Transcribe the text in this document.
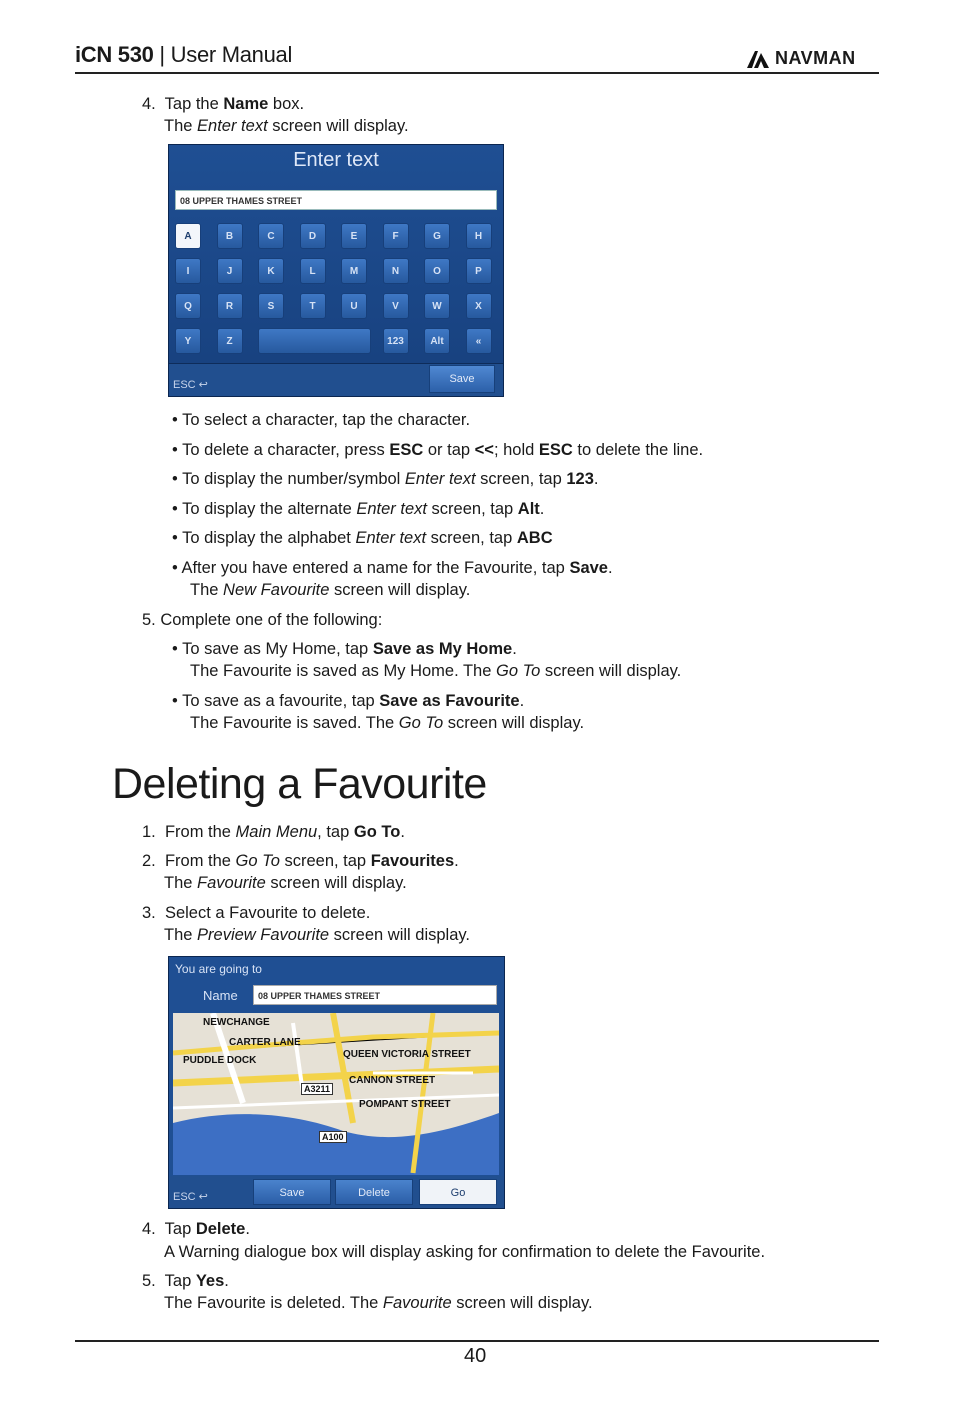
iCN 530 | User Manual	NAVMAN
4. Tap the Name box.
The Enter text screen will display.
Enter text
08 UPPER THAMES STREET
A	B	C	D	E	F	G	H
I	J	K	L	M	N	O	P
Q	R	S	T	U	V	W	X
Y	Z	123	Alt	«
ESC ↩	Save
• To select a character, tap the character.
• To delete a character, press ESC or tap <<; hold ESC to delete the line.
• To display the number/symbol Enter text screen, tap 123.
• To display the alternate Enter text screen, tap Alt.
• To display the alphabet Enter text screen, tap ABC
• After you have entered a name for the Favourite, tap Save.
The New Favourite screen will display.
5. Complete one of the following:
• To save as My Home, tap Save as My Home.
The Favourite is saved as My Home. The Go To screen will display.
• To save as a favourite, tap Save as Favourite.
The Favourite is saved. The Go To screen will display.
Deleting a Favourite
1. From the Main Menu, tap Go To.
2. From the Go To screen, tap Favourites.
The Favourite screen will display.
3. Select a Favourite to delete.
The Preview Favourite screen will display.
You are going to
Name	08 UPPER THAMES STREET
NEWCHANGE
CARTER LANE
PUDDLE DOCK
QUEEN VICTORIA STREET
CANNON STREET
POMPANT STREET
A3211
A100
ESC ↩	Save	Delete	Go
4. Tap Delete.
A Warning dialogue box will display asking for confirmation to delete the Favourite.
5. Tap Yes.
The Favourite is deleted. The Favourite screen will display.
40
